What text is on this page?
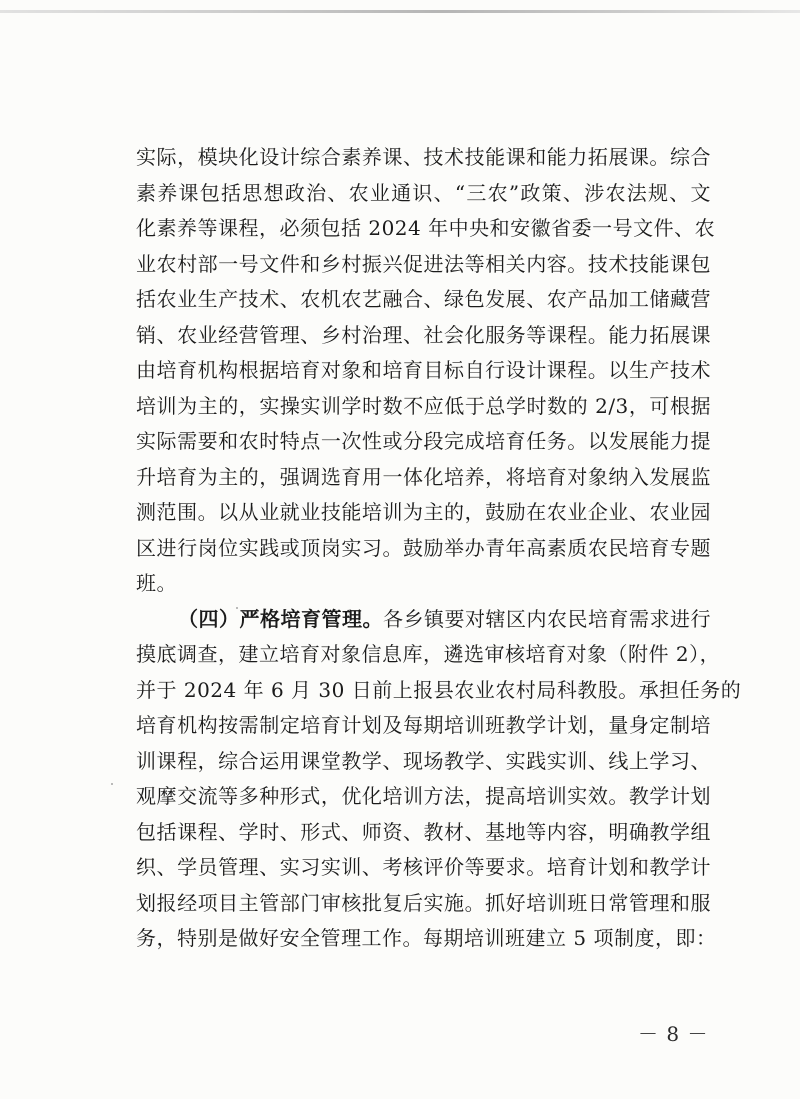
实际，模块化设计综合素养课、技术技能课和能力拓展课。综合
素养课包括思想政治、农业通识、“三农”政策、涉农法规、文
化素养等课程，必须包括 2024 年中央和安徽省委一号文件、农
业农村部一号文件和乡村振兴促进法等相关内容。技术技能课包
括农业生产技术、农机农艺融合、绿色发展、农产品加工储藏营
销、农业经营管理、乡村治理、社会化服务等课程。能力拓展课
由培育机构根据培育对象和培育目标自行设计课程。以生产技术
培训为主的，实操实训学时数不应低于总学时数的 2/3，可根据
实际需要和农时特点一次性或分段完成培育任务。以发展能力提
升培育为主的，强调选育用一体化培养，将培育对象纳入发展监
测范围。以从业就业技能培训为主的，鼓励在农业企业、农业园
区进行岗位实践或顶岗实习。鼓励举办青年高素质农民培育专题
班。
（四）严格培育管理。各乡镇要对辖区内农民培育需求进行
摸底调查，建立培育对象信息库，遴选审核培育对象（附件 2），
并于 2024 年 6 月 30 日前上报县农业农村局科教股。承担任务的
培育机构按需制定培育计划及每期培训班教学计划，量身定制培
训课程，综合运用课堂教学、现场教学、实践实训、线上学习、
观摩交流等多种形式，优化培训方法，提高培训实效。教学计划
包括课程、学时、形式、师资、教材、基地等内容，明确教学组
织、学员管理、实习实训、考核评价等要求。培育计划和教学计
划报经项目主管部门审核批复后实施。抓好培训班日常管理和服
务，特别是做好安全管理工作。每期培训班建立 5 项制度，即：
－ 8 －
